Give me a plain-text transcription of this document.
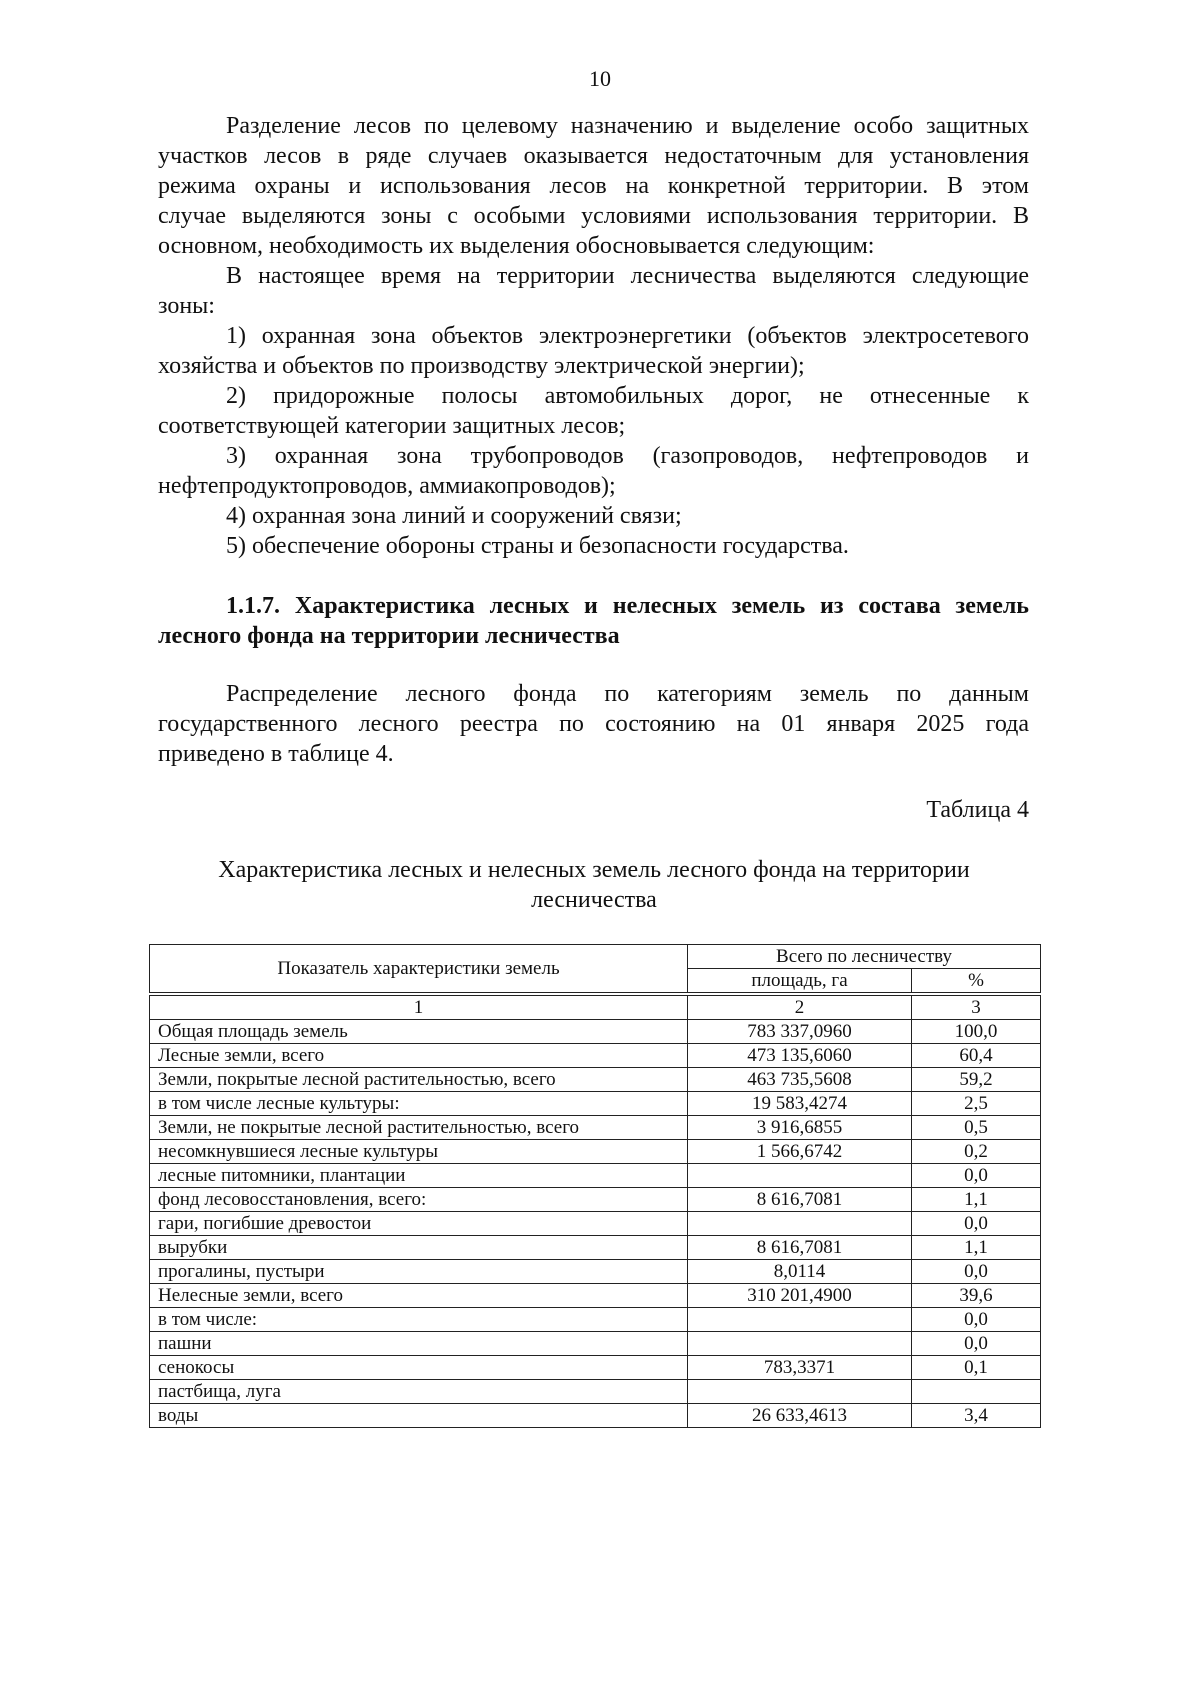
10
Разделение лесов по целевому назначению и выделение особо защитных
участков лесов в ряде случаев оказывается недостаточным для установления
режима охраны и использования лесов на конкретной территории. В этом
случае выделяются зоны с особыми условиями использования территории. В
основном, необходимость их выделения обосновывается следующим:
В настоящее время на территории лесничества выделяются следующие
зоны:
1) охранная зона объектов электроэнергетики (объектов электросетевого
хозяйства и объектов по производству электрической энергии);
2) придорожные полосы автомобильных дорог, не отнесенные к
соответствующей категории защитных лесов;
3) охранная зона трубопроводов (газопроводов, нефтепроводов и
нефтепродуктопроводов, аммиакопроводов);
4) охранная зона линий и сооружений связи;
5) обеспечение обороны страны и безопасности государства.
1.1.7. Характеристика лесных и нелесных земель из состава земель
лесного фонда на территории лесничества
Распределение лесного фонда по категориям земель по данным
государственного лесного реестра по состоянию на 01 января 2025 года
приведено в таблице 4.
Таблица 4
Характеристика лесных и нелесных земель лесного фонда на территории
лесничества
Показатель характеристики земель	Всего по лесничеству	
	площадь, га	%
1	2	3
Общая площадь земель	783 337,0960	100,0
Лесные земли, всего	473 135,6060	60,4
Земли, покрытые лесной растительностью, всего	463 735,5608	59,2
в том числе лесные культуры:	19 583,4274	2,5
Земли, не покрытые лесной растительностью, всего	3 916,6855	0,5
несомкнувшиеся лесные культуры	1 566,6742	0,2
лесные питомники, плантации		0,0
фонд лесовосстановления, всего:	8 616,7081	1,1
гари, погибшие древостои		0,0
вырубки	8 616,7081	1,1
прогалины, пустыри	8,0114	0,0
Нелесные земли, всего	310 201,4900	39,6
в том числе:		0,0
пашни		0,0
сенокосы	783,3371	0,1
пастбища, луга		
воды	26 633,4613	3,4
